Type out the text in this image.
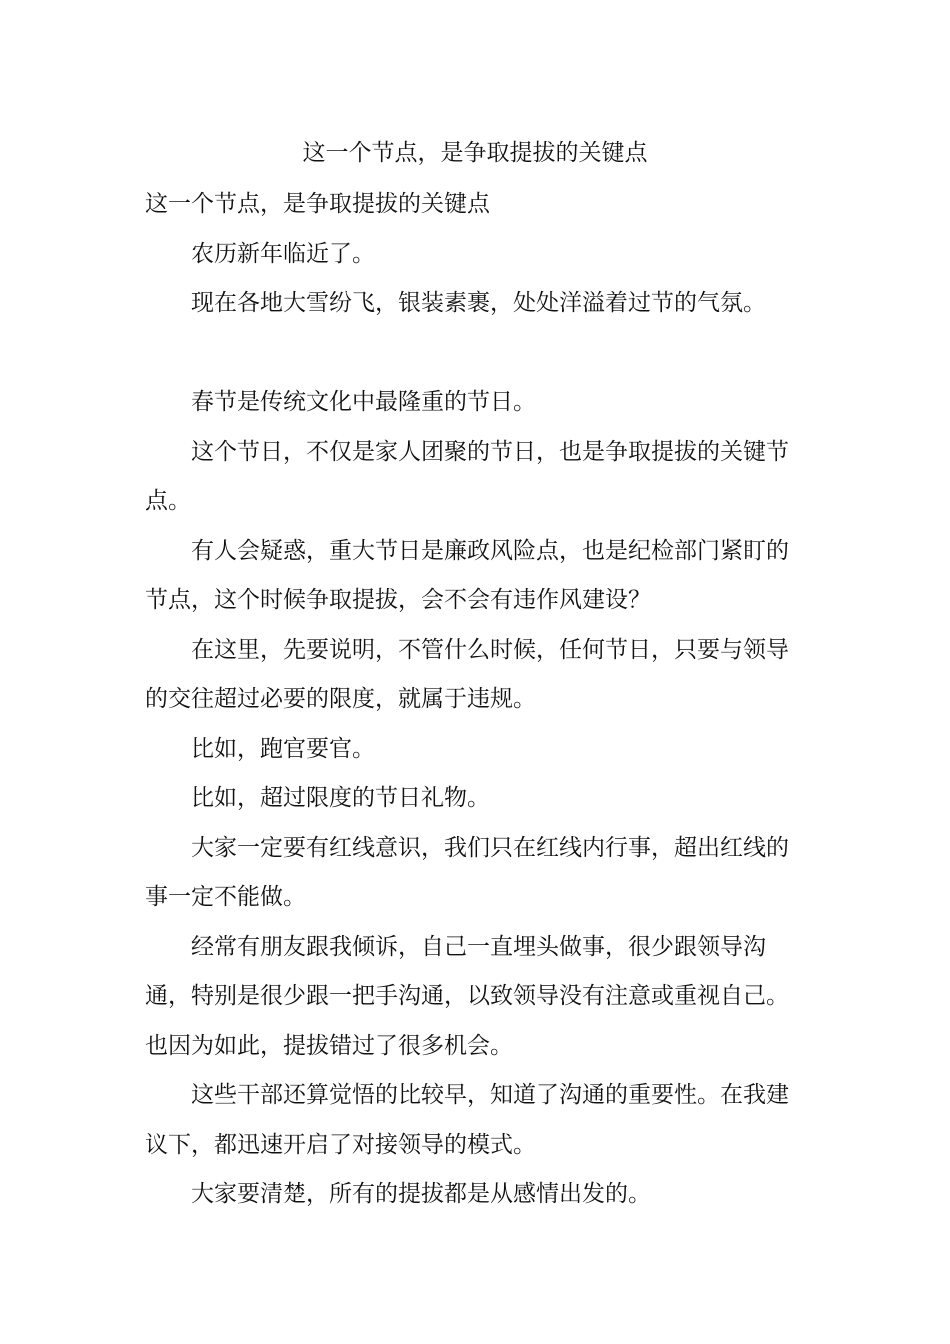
这一个节点，是争取提拔的关键点

这一个节点，是争取提拔的关键点

农历新年临近了。

现在各地大雪纷飞，银装素裹，处处洋溢着过节的气氛。

春节是传统文化中最隆重的节日。

这个节日，不仅是家人团聚的节日，也是争取提拔的关键节点。

有人会疑惑，重大节日是廉政风险点，也是纪检部门紧盯的节点，这个时候争取提拔，会不会有违作风建设？

在这里，先要说明，不管什么时候，任何节日，只要与领导的交往超过必要的限度，就属于违规。

比如，跑官要官。

比如，超过限度的节日礼物。

大家一定要有红线意识，我们只在红线内行事，超出红线的事一定不能做。

经常有朋友跟我倾诉，自己一直埋头做事，很少跟领导沟通，特别是很少跟一把手沟通，以致领导没有注意或重视自己。也因为如此，提拔错过了很多机会。

这些干部还算觉悟的比较早，知道了沟通的重要性。在我建议下，都迅速开启了对接领导的模式。

大家要清楚，所有的提拔都是从感情出发的。
